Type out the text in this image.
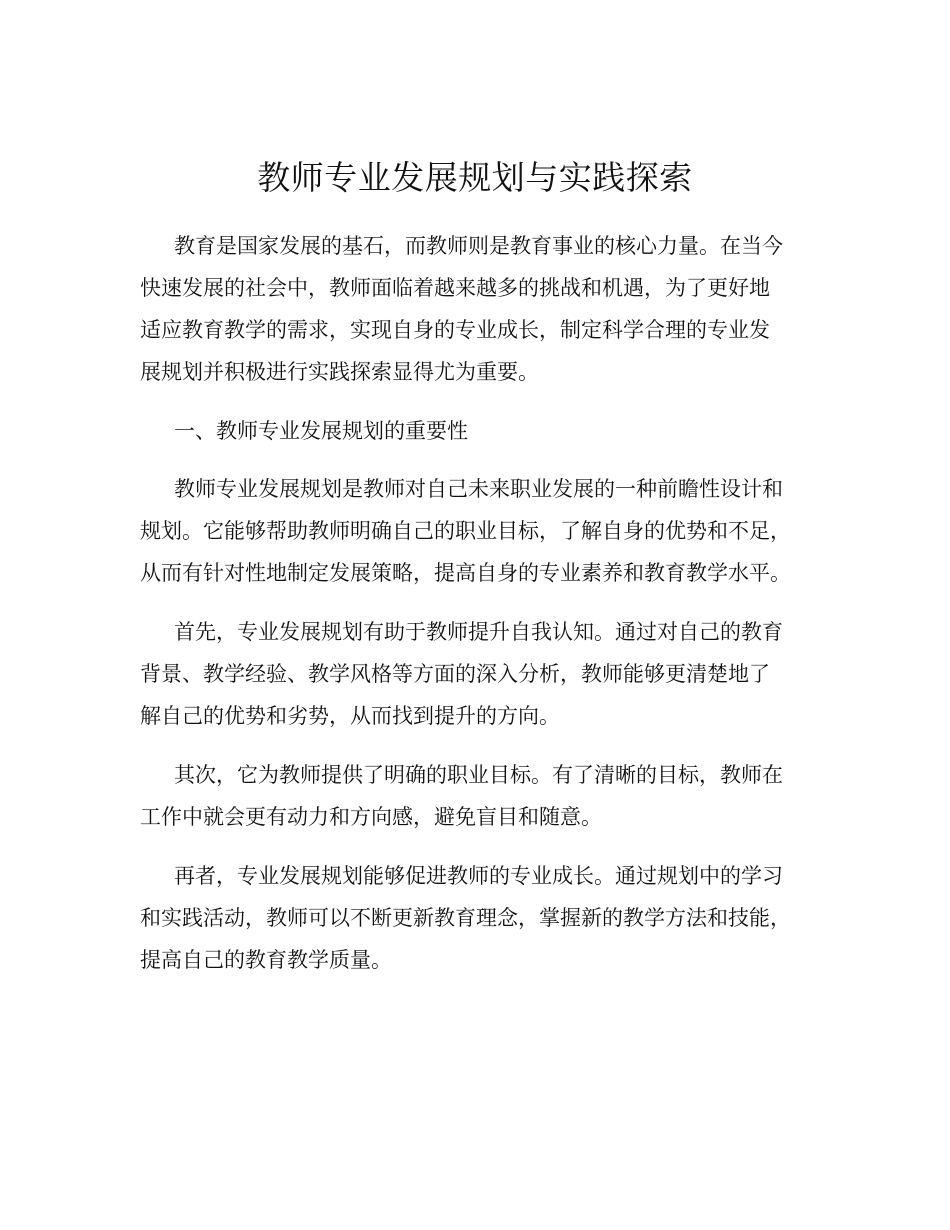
教师专业发展规划与实践探索

教育是国家发展的基石，而教师则是教育事业的核心力量。在当今

快速发展的社会中，教师面临着越来越多的挑战和机遇，为了更好地

适应教育教学的需求，实现自身的专业成长，制定科学合理的专业发

展规划并积极进行实践探索显得尤为重要。

一、教师专业发展规划的重要性

教师专业发展规划是教师对自己未来职业发展的一种前瞻性设计和

规划。它能够帮助教师明确自己的职业目标，了解自身的优势和不足，

从而有针对性地制定发展策略，提高自身的专业素养和教育教学水平。

首先，专业发展规划有助于教师提升自我认知。通过对自己的教育

背景、教学经验、教学风格等方面的深入分析，教师能够更清楚地了

解自己的优势和劣势，从而找到提升的方向。

其次，它为教师提供了明确的职业目标。有了清晰的目标，教师在

工作中就会更有动力和方向感，避免盲目和随意。

再者，专业发展规划能够促进教师的专业成长。通过规划中的学习

和实践活动，教师可以不断更新教育理念，掌握新的教学方法和技能，

提高自己的教育教学质量。
